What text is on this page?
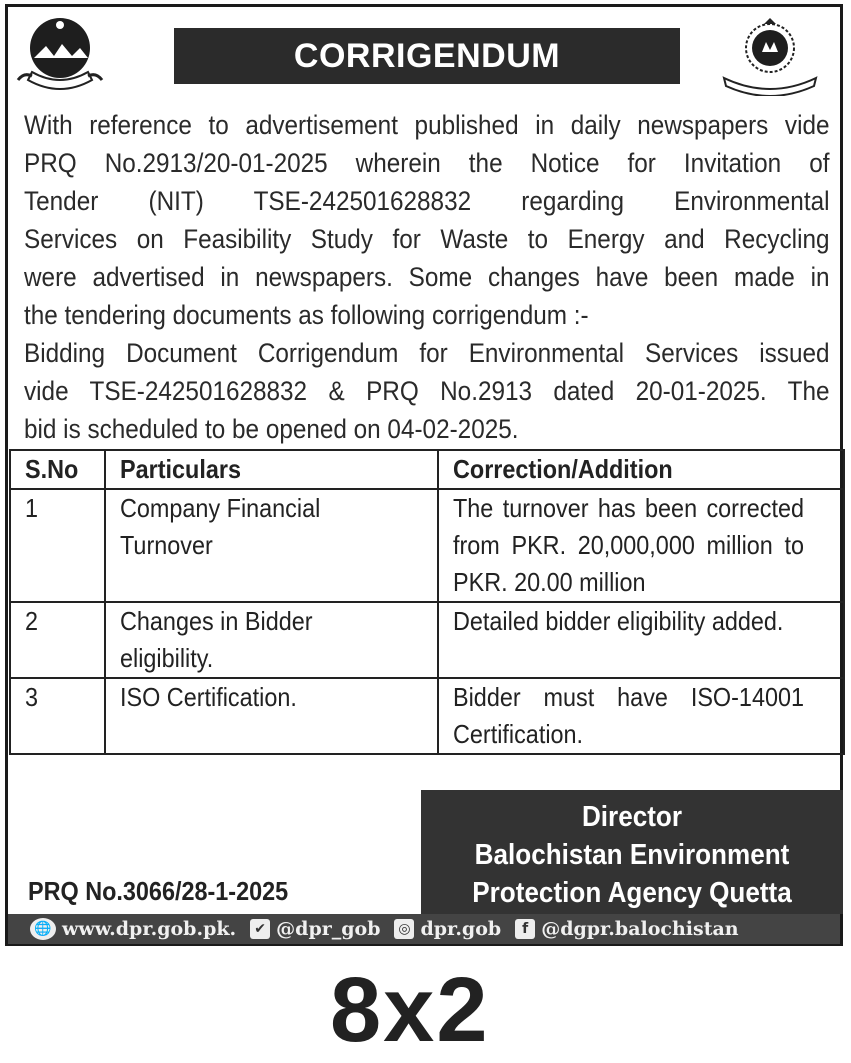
CORRIGENDUM

With reference to advertisement published in daily newspapers vide

PRQ No.2913/20-01-2025 wherein the Notice for Invitation of

Tender (NIT) TSE-242501628832 regarding Environmental

Services on Feasibility Study for Waste to Energy and Recycling

were advertised in newspapers. Some changes have been made in

the tendering documents as following corrigendum :-

Bidding Document Corrigendum for Environmental Services issued

vide TSE-242501628832 & PRQ No.2913 dated 20-01-2025. The

bid is scheduled to be opened on 04-02-2025.

S.No	Particulars	Correction/Addition
1	Company Financial Turnover	The turnover has been corrected from PKR. 20,000,000 million to PKR. 20.00 million

2	Changes in Bidder eligibility.	Detailed bidder eligibility added.

3	ISO Certification.	Bidder must have ISO-14001 Certification.
Director
Balochistan Environment
Protection Agency Quetta
PRQ No.3066/28-1-2025
🌐 www.dpr.gob.pk. ✔ @dpr_gob ◎ dpr.gob	f @dgpr.balochistan
8x2
